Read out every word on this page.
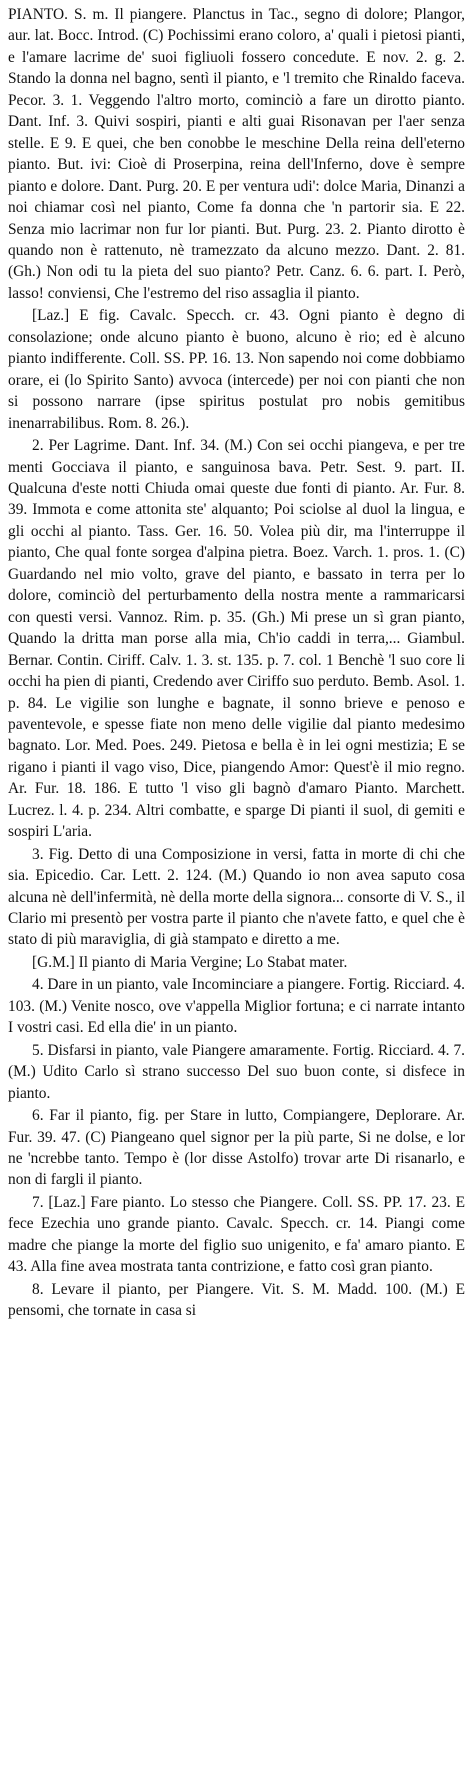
PIANTO. S. m. Il piangere. Planctus in Tac., segno di dolore; Plangor, aur. lat. Bocc. Introd. (C) Pochissimi erano coloro, a' quali i pietosi pianti, e l'amare lacrime de' suoi figliuoli fossero concedute. E nov. 2. g. 2. Stando la donna nel bagno, sentì il pianto, e 'l tremito che Rinaldo faceva. Pecor. 3. 1. Veggendo l'altro morto, cominciò a fare un dirotto pianto. Dant. Inf. 3. Quivi sospiri, pianti e alti guai Risonavan per l'aer senza stelle. E 9. E quei, che ben conobbe le meschine Della reina dell'eterno pianto. But. ivi: Cioè di Proserpina, reina dell'Inferno, dove è sempre pianto e dolore. Dant. Purg. 20. E per ventura udi': dolce Maria, Dinanzi a noi chiamar così nel pianto, Come fa donna che 'n partorir sia. E 22. Senza mio lacrimar non fur lor pianti. But. Purg. 23. 2. Pianto dirotto è quando non è rattenuto, nè tramezzato da alcuno mezzo. Dant. 2. 81. (Gh.) Non odi tu la pieta del suo pianto? Petr. Canz. 6. 6. part. I. Però, lasso! conviensi, Che l'estremo del riso assaglia il pianto.

[Laz.] E fig. Cavalc. Specch. cr. 43. Ogni pianto è degno di consolazione; onde alcuno pianto è buono, alcuno è rio; ed è alcuno pianto indifferente. Coll. SS. PP. 16. 13. Non sapendo noi come dobbiamo orare, ei (lo Spirito Santo) avvoca (intercede) per noi con pianti che non si possono narrare (ipse spiritus postulat pro nobis gemitibus inenarrabilibus. Rom. 8. 26.).

2. Per Lagrime. Dant. Inf. 34. (M.) Con sei occhi piangeva, e per tre menti Gocciava il pianto, e sanguinosa bava. Petr. Sest. 9. part. II. Qualcuna d'este notti Chiuda omai queste due fonti di pianto. Ar. Fur. 8. 39. Immota e come attonita ste' alquanto; Poi sciolse al duol la lingua, e gli occhi al pianto. Tass. Ger. 16. 50. Volea più dir, ma l'interruppe il pianto, Che qual fonte sorgea d'alpina pietra. Boez. Varch. 1. pros. 1. (C) Guardando nel mio volto, grave del pianto, e bassato in terra per lo dolore, cominciò del perturbamento della nostra mente a rammaricarsi con questi versi. Vannoz. Rim. p. 35. (Gh.) Mi prese un sì gran pianto, Quando la dritta man porse alla mia, Ch'io caddi in terra,... Giambul. Bernar. Contin. Ciriff. Calv. 1. 3. st. 135. p. 7. col. 1 Benchè 'l suo core li occhi ha pien di pianti, Credendo aver Ciriffo suo perduto. Bemb. Asol. 1. p. 84. Le vigilie son lunghe e bagnate, il sonno brieve e penoso e paventevole, e spesse fiate non meno delle vigilie dal pianto medesimo bagnato. Lor. Med. Poes. 249. Pietosa e bella è in lei ogni mestizia; E se rigano i pianti il vago viso, Dice, piangendo Amor: Quest'è il mio regno. Ar. Fur. 18. 186. E tutto 'l viso gli bagnò d'amaro Pianto. Marchett. Lucrez. l. 4. p. 234. Altri combatte, e sparge Di pianti il suol, di gemiti e sospiri L'aria.

3. Fig. Detto di una Composizione in versi, fatta in morte di chi che sia. Epicedio. Car. Lett. 2. 124. (M.) Quando io non avea saputo cosa alcuna nè dell'infermità, nè della morte della signora... consorte di V. S., il Clario mi presentò per vostra parte il pianto che n'avete fatto, e quel che è stato di più maraviglia, di già stampato e diretto a me.

[G.M.] Il pianto di Maria Vergine; Lo Stabat mater.

4. Dare in un pianto, vale Incominciare a piangere. Fortig. Ricciard. 4. 103. (M.) Venite nosco, ove v'appella Miglior fortuna; e ci narrate intanto I vostri casi. Ed ella die' in un pianto.

5. Disfarsi in pianto, vale Piangere amaramente. Fortig. Ricciard. 4. 7. (M.) Udito Carlo sì strano successo Del suo buon conte, si disfece in pianto.

6. Far il pianto, fig. per Stare in lutto, Compiangere, Deplorare. Ar. Fur. 39. 47. (C) Piangeano quel signor per la più parte, Si ne dolse, e lor ne 'ncrebbe tanto. Tempo è (lor disse Astolfo) trovar arte Di risanarlo, e non di fargli il pianto.

7. [Laz.] Fare pianto. Lo stesso che Piangere. Coll. SS. PP. 17. 23. E fece Ezechia uno grande pianto. Cavalc. Specch. cr. 14. Piangi come madre che piange la morte del figlio suo unigenito, e fa' amaro pianto. E 43. Alla fine avea mostrata tanta contrizione, e fatto così gran pianto.

8. Levare il pianto, per Piangere. Vit. S. M. Madd. 100. (M.) E pensomi, che tornate in casa si
